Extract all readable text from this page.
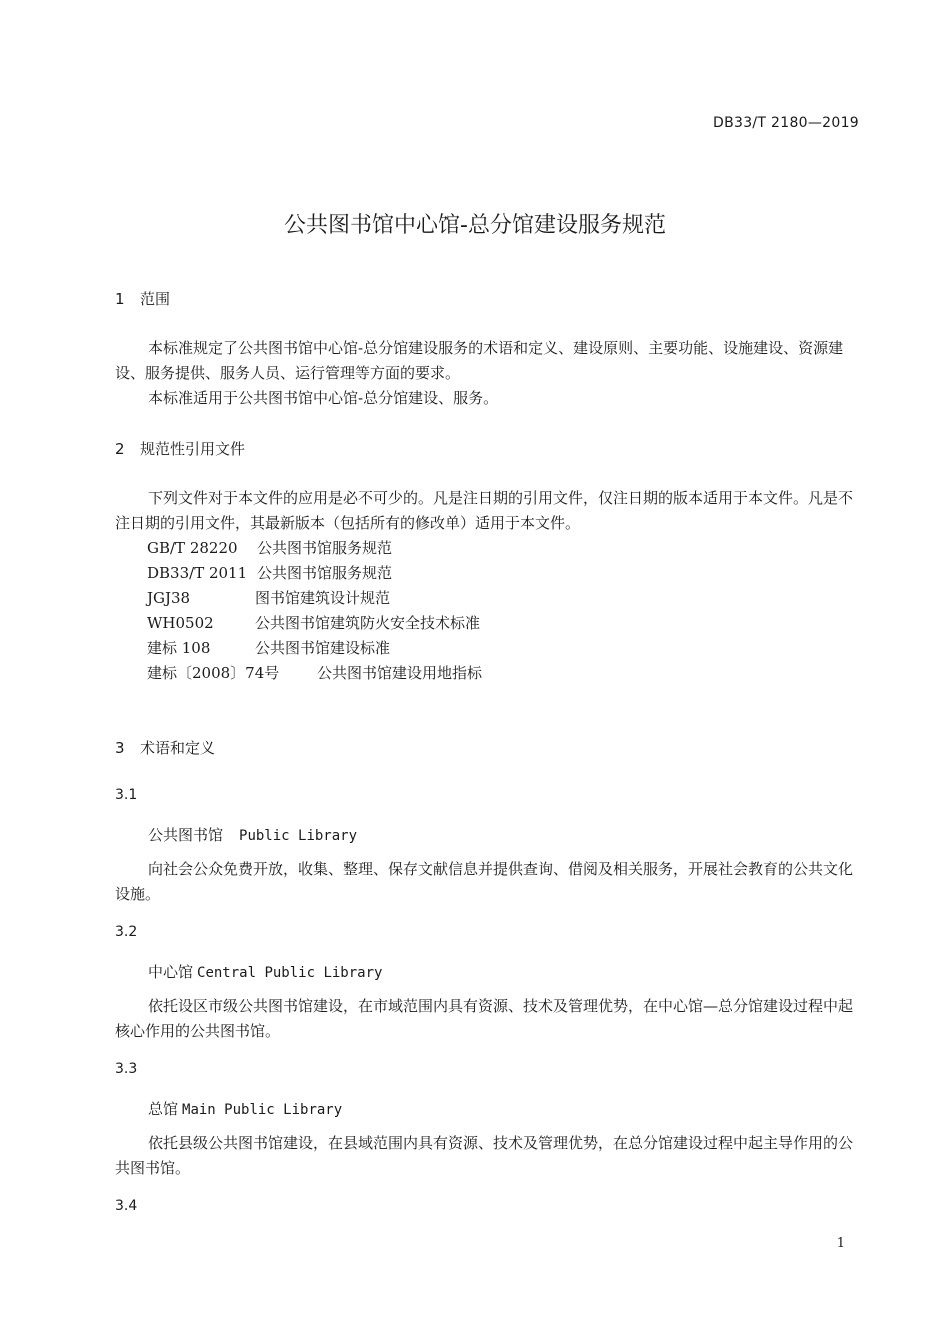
DB33/T 2180—2019
公共图书馆中心馆-总分馆建设服务规范
1 范围
本标准规定了公共图书馆中心馆-总分馆建设服务的术语和定义、建设原则、主要功能、设施建设、资源建设、服务提供、服务人员、运行管理等方面的要求。
本标准适用于公共图书馆中心馆-总分馆建设、服务。
2 规范性引用文件
下列文件对于本文件的应用是必不可少的。凡是注日期的引用文件，仅注日期的版本适用于本文件。凡是不注日期的引用文件，其最新版本（包括所有的修改单）适用于本文件。
GB/T 28220 公共图书馆服务规范
DB33/T 2011 公共图书馆服务规范
JGJ38	图书馆建筑设计规范
WH0502	公共图书馆建筑防火安全技术标准
建标 108	公共图书馆建设标准
建标〔2008〕74号	公共图书馆建设用地指标
3 术语和定义
3.1
公共图书馆 Public Library
向社会公众免费开放，收集、整理、保存文献信息并提供查询、借阅及相关服务，开展社会教育的公共文化设施。
3.2
中心馆 Central Public Library
依托设区市级公共图书馆建设，在市域范围内具有资源、技术及管理优势，在中心馆—总分馆建设过程中起核心作用的公共图书馆。
3.3
总馆 Main Public Library
依托县级公共图书馆建设，在县域范围内具有资源、技术及管理优势，在总分馆建设过程中起主导作用的公共图书馆。
3.4
1
